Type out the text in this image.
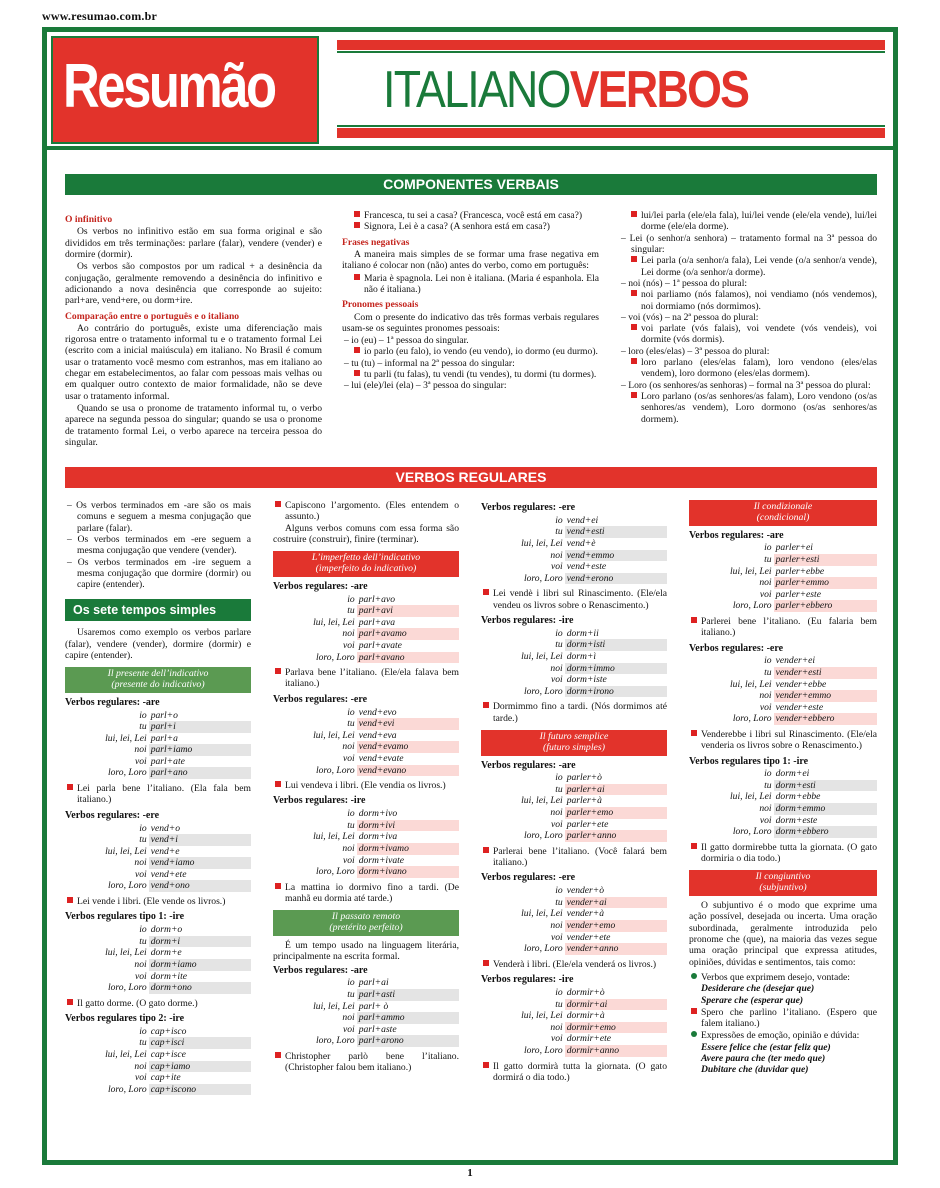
www.resumao.com.br
Resumão ITALIANOVERBOS
COMPONENTES VERBAIS
O infinitivo

Os verbos no infinitivo estão em sua forma original e são divididos em três terminações: parlare (falar), vendere (vender) e dormire (dormir).

Os verbos são compostos por um radical + a desinência da conjugação, geralmente removendo a desinência do infinitivo e adicionando a nova desinência que corresponde ao sujeito: parl+are, vend+ere, ou dorm+ire.

Comparação entre o português e o italiano

Ao contrário do português, existe uma diferenciação mais rigorosa entre o tratamento informal tu e o tratamento formal Lei (escrito com a inicial maiúscula) em italiano. No Brasil é comum usar o tratamento você mesmo com estranhos, mas em italiano ao chegar em estabelecimentos, ao falar com pessoas mais velhas ou em qualquer outro contexto de maior formalidade, não se deve usar o tratamento informal.

Quando se usa o pronome de tratamento informal tu, o verbo aparece na segunda pessoa do singular; quando se usa o pronome de tratamento formal Lei, o verbo aparece na terceira pessoa do singular.

Francesca, tu sei a casa? (Francesca, você está em casa?)
Signora, Lei è a casa? (A senhora está em casa?)
Frases negativas

A maneira mais simples de se formar uma frase negativa em italiano é colocar non (não) antes do verbo, como em português:

Maria è spagnola. Lei non è italiana. (Maria é espanhola. Ela não é italiana.)
Pronomes pessoais

Com o presente do indicativo das três formas verbais regulares usam-se os seguintes pronomes pessoais:

– io (eu) – 1ª pessoa do singular.
io parlo (eu falo), io vendo (eu vendo), io dormo (eu durmo).
– tu (tu) – informal na 2ª pessoa do singular:
tu parli (tu falas), tu vendi (tu vendes), tu dormi (tu dormes).
– lui (ele)/lei (ela) – 3ª pessoa do singular:
lui/lei parla (ele/ela fala), lui/lei vende (ele/ela vende), lui/lei dorme (ele/ela dorme).
– Lei (o senhor/a senhora) – tratamento formal na 3ª pessoa do singular:
Lei parla (o/a senhor/a fala), Lei vende (o/a senhor/a vende), Lei dorme (o/a senhor/a dorme).
– noi (nós) – 1ª pessoa do plural:
noi parliamo (nós falamos), noi vendiamo (nós vendemos), noi dormiamo (nós dormimos).
– voi (vós) – na 2ª pessoa do plural:
voi parlate (vós falais), voi vendete (vós vendeis), voi dormite (vós dormis).
– loro (eles/elas) – 3ª pessoa do plural:
loro parlano (eles/elas falam), loro vendono (eles/elas vendem), loro dormono (eles/elas dormem).
– Loro (os senhores/as senhoras) – formal na 3ª pessoa do plural:
Loro parlano (os/as senhores/as falam), Loro vendono (os/as senhores/as vendem), Loro dormono (os/as senhores/as dormem).
VERBOS REGULARES
– Os verbos terminados em -are são os mais comuns e seguem a mesma conjugação que parlare (falar).
– Os verbos terminados em -ere seguem a mesma conjugação que vendere (vender).
– Os verbos terminados em -ire seguem a mesma conjugação que dormire (dormir) ou capire (entender).
Os sete tempos simples

Usaremos como exemplo os verbos parlare (falar), vendere (vender), dormire (dormir) e capire (entender).

Il presente dell’indicativo
(presente do indicativo)
Verbos regulares: -are
io parl+o
tu parl+i
lui, lei, Lei parl+a
noi parl+iamo
voi parl+ate
loro, Loro parl+ano
Lei parla bene l’italiano. (Ela fala bem italiano.)
Verbos regulares: -ere
io vend+o
tu vend+i
lui, lei, Lei vend+e
noi vend+iamo
voi vend+ete
loro, Loro vend+ono
Lei vende i libri. (Ele vende os livros.)
Verbos regulares tipo 1: -ire
io dorm+o
tu dorm+i
lui, lei, Lei dorm+e
noi dorm+iamo
voi dorm+ite
loro, Loro dorm+ono
Il gatto dorme. (O gato dorme.)
Verbos regulares tipo 2: -ire
io cap+isco
tu cap+isci
lui, lei, Lei cap+isce
noi cap+iamo
voi cap+ite
loro, Loro cap+iscono
Capiscono l’argomento. (Eles entendem o assunto.)

Alguns verbos comuns com essa forma são costruire (construir), finire (terminar).

L’imperfetto dell’indicativo
(imperfeito do indicativo)
Verbos regulares: -are
io parl+avo
tu parl+avi
lui, lei, Lei parl+ava
noi parl+avamo
voi parl+avate
loro, Loro parl+avano
Parlava bene l’italiano. (Ele/ela falava bem italiano.)
Verbos regulares: -ere
io vend+evo
tu vend+evi
lui, lei, Lei vend+eva
noi vend+evamo
voi vend+evate
loro, Loro vend+evano
Lui vendeva i libri. (Ele vendia os livros.)
Verbos regulares: -ire
io dorm+ivo
tu dorm+ivi
lui, lei, Lei dorm+iva
noi dorm+ivamo
voi dorm+ivate
loro, Loro dorm+ivano
La mattina io dormivo fino a tardi. (De manhã eu dormia até tarde.)
Il passato remoto
(pretérito perfeito)

É um tempo usado na linguagem literária, principalmente na escrita formal.

Verbos regulares: -are
io parl+ai
tu parl+asti
lui, lei, Lei parl+ ò
noi parl+ammo
voi parl+aste
loro, Loro parl+arono
Christopher parlò bene l’italiano. (Christopher falou bem italiano.)
Verbos regulares: -ere
io vend+ei
tu vend+esti
lui, lei, Lei vend+è
noi vend+emmo
voi vend+este
loro, Loro vend+erono
Lei vendè i libri sul Rinascimento. (Ele/ela vendeu os livros sobre o Renascimento.)
Verbos regulares: -ire
io dorm+ii
tu dorm+isti
lui, lei, Lei dorm+ì
noi dorm+immo
voi dorm+iste
loro, Loro dorm+irono
Dormimmo fino a tardi. (Nós dormimos até tarde.)
Il futuro semplice
(futuro simples)
Verbos regulares: -are
io parler+ò
tu parler+ai
lui, lei, Lei parler+à
noi parler+emo
voi parler+ete
loro, Loro parler+anno
Parlerai bene l’italiano. (Você falará bem italiano.)
Verbos regulares: -ere
io vender+ò
tu vender+ai
lui, lei, Lei vender+à
noi vender+emo
voi vender+ete
loro, Loro vender+anno
Venderà i libri. (Ele/ela venderá os livros.)
Verbos regulares: -ire
io dormir+ò
tu dormir+ai
lui, lei, Lei dormir+à
noi dormir+emo
voi dormir+ete
loro, Loro dormir+anno
Il gatto dormirà tutta la giornata. (O gato dormirá o dia todo.)
Il condizionale
(condicional)
Verbos regulares: -are
io parler+ei
tu parler+esti
lui, lei, Lei parler+ebbe
noi parler+emmo
voi parler+este
loro, Loro parler+ebbero
Parlerei bene l’italiano. (Eu falaria bem italiano.)
Verbos regulares: -ere
io vender+ei
tu vender+esti
lui, lei, Lei vender+ebbe
noi vender+emmo
voi vender+este
loro, Loro vender+ebbero
Venderebbe i libri sul Rinascimento. (Ele/ela venderia os livros sobre o Renascimento.)
Verbos regulares tipo 1: -ire
io dorm+ei
tu dorm+esti
lui, lei, Lei dorm+ebbe
noi dorm+emmo
voi dorm+este
loro, Loro dorm+ebbero
Il gatto dormirebbe tutta la giornata. (O gato dormiria o dia todo.)
Il congiuntivo
(subjuntivo)

O subjuntivo é o modo que exprime uma ação possível, desejada ou incerta. Uma oração subordinada, geralmente introduzida pelo pronome che (que), na maioria das vezes segue uma oração principal que expressa atitudes, opiniões, dúvidas e sentimentos, tais como:

Verbos que exprimem desejo, vontade:
Desiderare che (desejar que)
Sperare che (esperar que)
Spero che parlino l’italiano. (Espero que falem italiano.)
Expressões de emoção, opinião e dúvida:
Essere felice che (estar feliz que)
Avere paura che (ter medo que)
Dubitare che (duvidar que)
1
